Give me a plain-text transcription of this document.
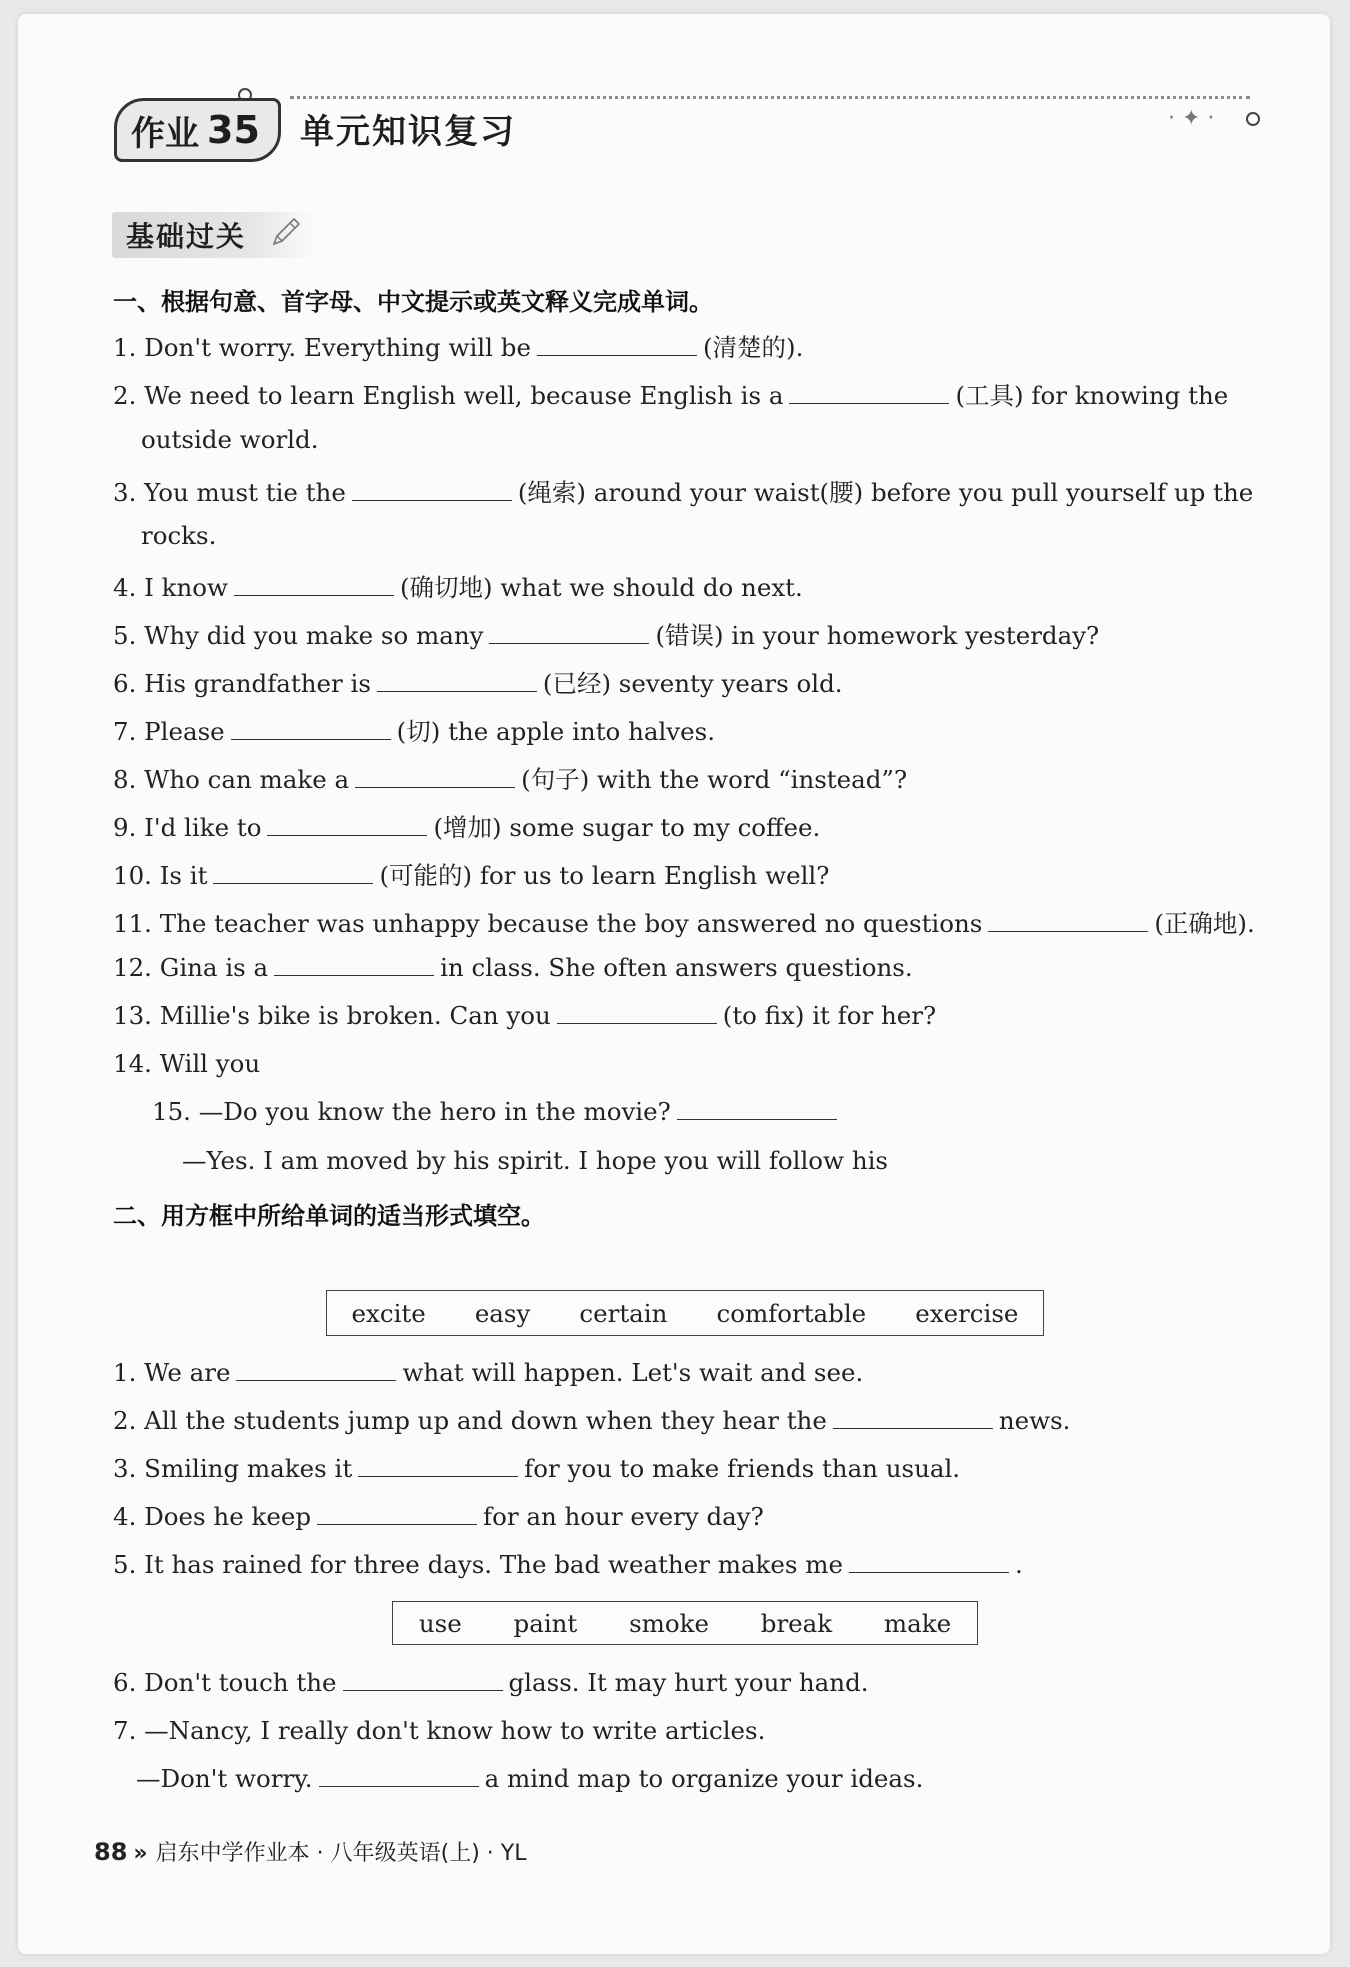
作业 35 单元知识复习	· ✦ ·
基础过关
一、根据句意、首字母、中文提示或英文释义完成单词。
1. Don't worry. Everything will be	(清楚的).
2. We need to learn English well, because English is a	(工具) for knowing the
outside world.
3. You must tie the	(绳索) around your waist(腰) before you pull yourself up the
rocks.
4. I know	(确切地) what we should do next.
5. Why did you make so many	(错误) in your homework yesterday?
6. His grandfather is	(已经) seventy years old.
7. Please	(切) the apple into halves.
8. Who can make a	(句子) with the word “instead”?
9. I'd like to	(增加) some sugar to my coffee.
10. Is it	(可能的) for us to learn English well?
11. The teacher was unhappy because the boy answered no questions	(正确地).
12. Gina is a	in class. She often answers questions.
13. Millie's bike is broken. Can you	(to fix) it for her?
14. Will you
15. —Do you know the hero in the movie?
—Yes. I am moved by his spirit. I hope you will follow his
二、用方框中所给单词的适当形式填空。
excite easy certain comfortable exercise
1. We are	what will happen. Let's wait and see.
2. All the students jump up and down when they hear the	news.
3. Smiling makes it	for you to make friends than usual.
4. Does he keep	for an hour every day?
5. It has rained for three days. The bad weather makes me	.
use paint smoke break make
6. Don't touch the	glass. It may hurt your hand.
7. —Nancy, I really don't know how to write articles.
—Don't worry.	a mind map to organize your ideas.
88 » 启东中学作业本 · 八年级英语(上) · YL
